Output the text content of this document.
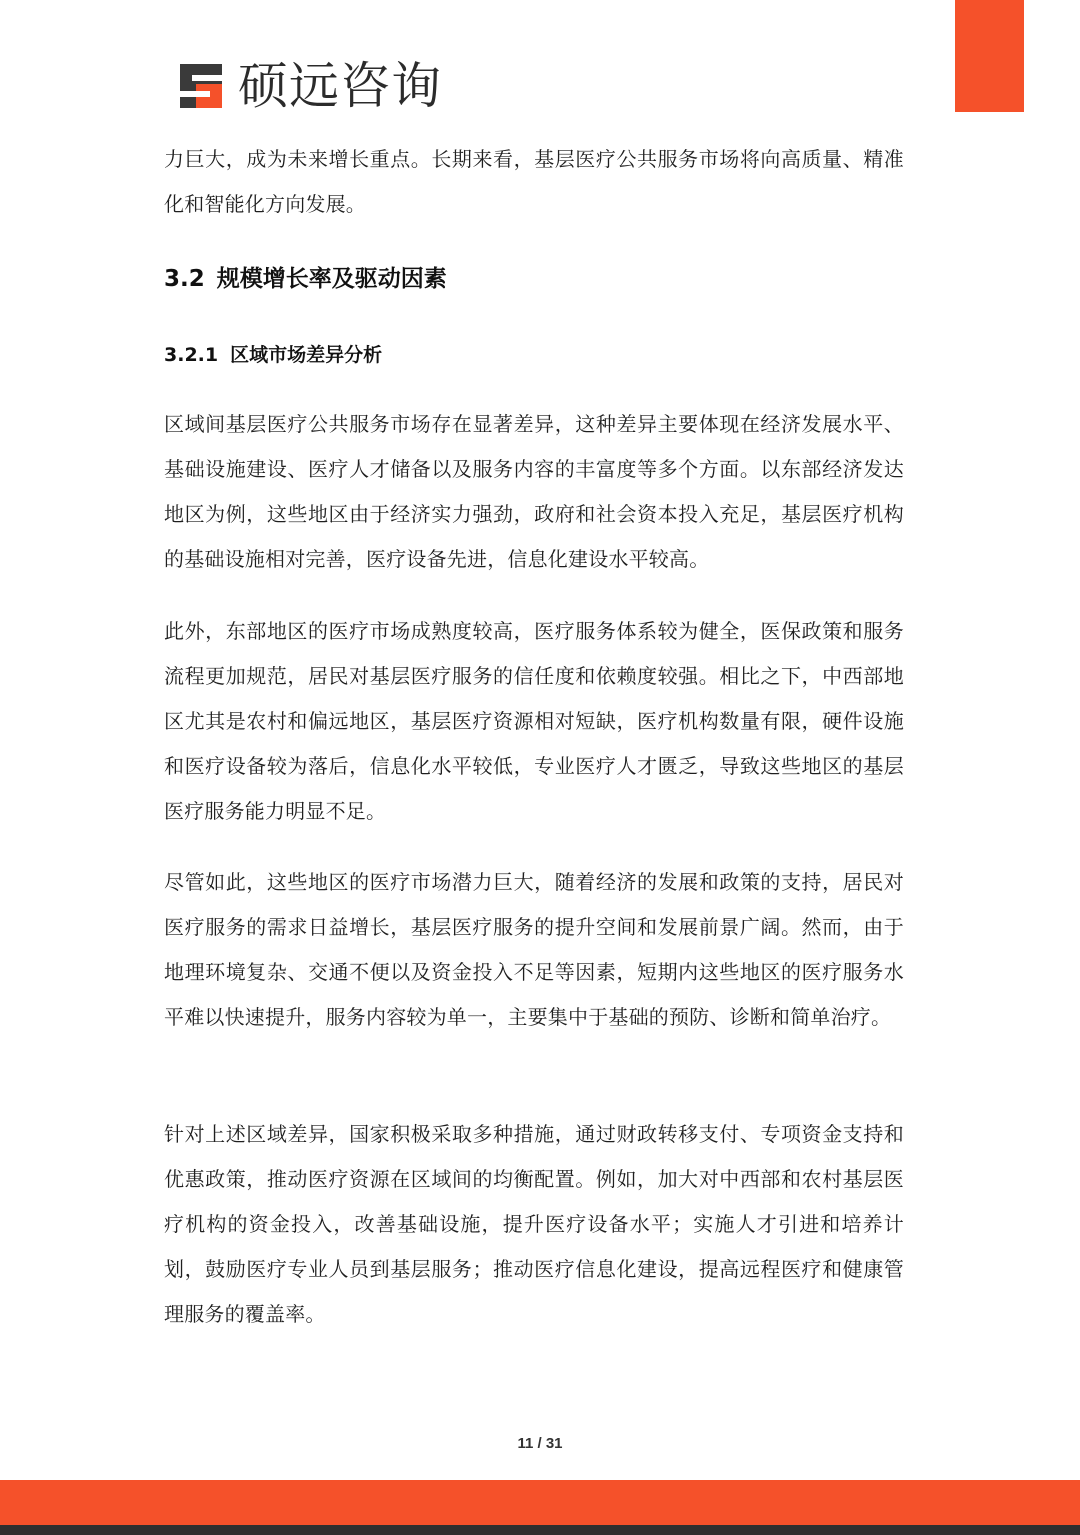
硕远咨询

力巨大，成为未来增长重点。长期来看，基层医疗公共服务市场将向高质量、精准化和智能化方向发展。

3.2 规模增长率及驱动因素
3.2.1 区域市场差异分析

区域间基层医疗公共服务市场存在显著差异，这种差异主要体现在经济发展水平、基础设施建设、医疗人才储备以及服务内容的丰富度等多个方面。以东部经济发达地区为例，这些地区由于经济实力强劲，政府和社会资本投入充足，基层医疗机构的基础设施相对完善，医疗设备先进，信息化建设水平较高。

此外，东部地区的医疗市场成熟度较高，医疗服务体系较为健全，医保政策和服务流程更加规范，居民对基层医疗服务的信任度和依赖度较强。相比之下，中西部地区尤其是农村和偏远地区，基层医疗资源相对短缺，医疗机构数量有限，硬件设施和医疗设备较为落后，信息化水平较低，专业医疗人才匮乏，导致这些地区的基层医疗服务能力明显不足。

尽管如此，这些地区的医疗市场潜力巨大，随着经济的发展和政策的支持，居民对医疗服务的需求日益增长，基层医疗服务的提升空间和发展前景广阔。然而，由于地理环境复杂、交通不便以及资金投入不足等因素，短期内这些地区的医疗服务水平难以快速提升，服务内容较为单一，主要集中于基础的预防、诊断和简单治疗。

针对上述区域差异，国家积极采取多种措施，通过财政转移支付、专项资金支持和优惠政策，推动医疗资源在区域间的均衡配置。例如，加大对中西部和农村基层医疗机构的资金投入，改善基础设施，提升医疗设备水平；实施人才引进和培养计划，鼓励医疗专业人员到基层服务；推动医疗信息化建设，提高远程医疗和健康管理服务的覆盖率。

11 / 31
